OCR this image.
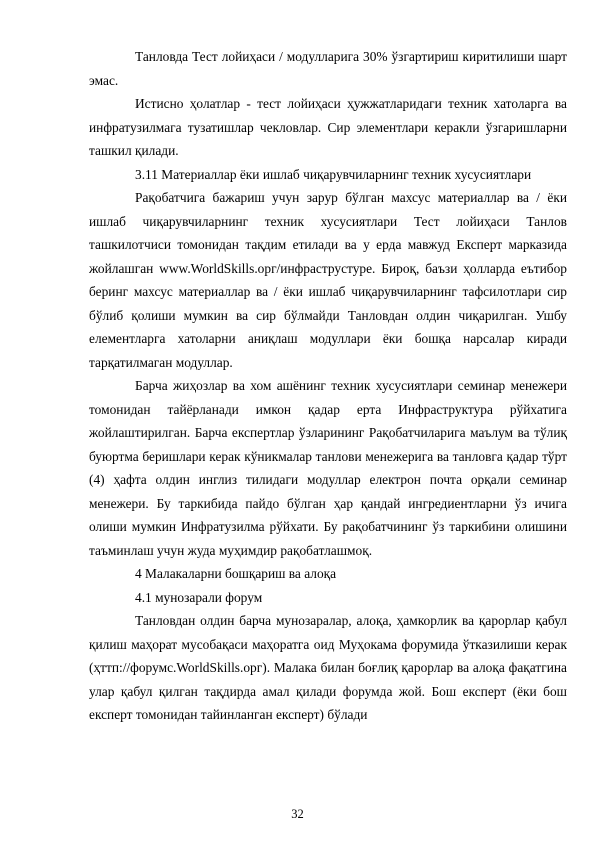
Танловда Тест лойиҳаси / модулларига 30% ўзгартириш киритилиши шарт эмас.

Истисно ҳолатлар - тест лойиҳаси ҳужжатларидаги техник хатоларга ва инфратузилмага тузатишлар чекловлар. Сир элементлари керакли ўзгаришларни ташкил қилади.

3.11 Материаллар ёки ишлаб чиқарувчиларнинг техник хусусиятлари

Рақобатчига бажариш учун зарур бўлган махсус материаллар ва / ёки ишлаб чиқарувчиларнинг техник хусусиятлари Тест лойиҳаси Танлов ташкилотчиси томонидан тақдим етилади ва у ерда мавжуд Експерт марказида жойлашган www.WorldSkills.орг/инфраструстуре. Бироқ, баъзи ҳолларда еътибор беринг махсус материаллар ва / ёки ишлаб чиқарувчиларнинг тафсилотлари сир бўлиб қолиши мумкин ва сир бўлмайди Танловдан олдин чиқарилган. Ушбу елементларга хатоларни аниқлаш модуллари ёки бошқа нарсалар киради тарқатилмаган модуллар.

Барча жиҳозлар ва хом ашёнинг техник хусусиятлари семинар менежери томонидан тайёрланади имкон қадар ерта Инфраструктура рўйхатига жойлаштирилган. Барча експертлар ўзларининг Рақобатчиларига маълум ва тўлиқ буюртма беришлари керак кўникмалар танлови менежерига ва танловга қадар тўрт (4) ҳафта олдин инглиз тилидаги модуллар електрон почта орқали семинар менежери. Бу таркибида пайдо бўлган ҳар қандай ингредиентларни ўз ичига олиши мумкин Инфратузилма рўйхати. Бу рақобатчининг ўз таркибини олишини таъминлаш учун жуда муҳимдир рақобатлашмоқ.

4 Малакаларни бошқариш ва алоқа

4.1 мунозарали форум

Танловдан олдин барча мунозаралар, алоқа, ҳамкорлик ва қарорлар қабул қилиш маҳорат мусобақаси маҳоратга оид Муҳокама форумида ўтказилиши керак (ҳттп://форумс.WorldSkills.орг). Малака билан боғлиқ қарорлар ва алоқа фақатгина улар қабул қилган тақдирда амал қилади форумда жой. Бош експерт (ёки бош експерт томонидан тайинланган експерт) бўлади

32
